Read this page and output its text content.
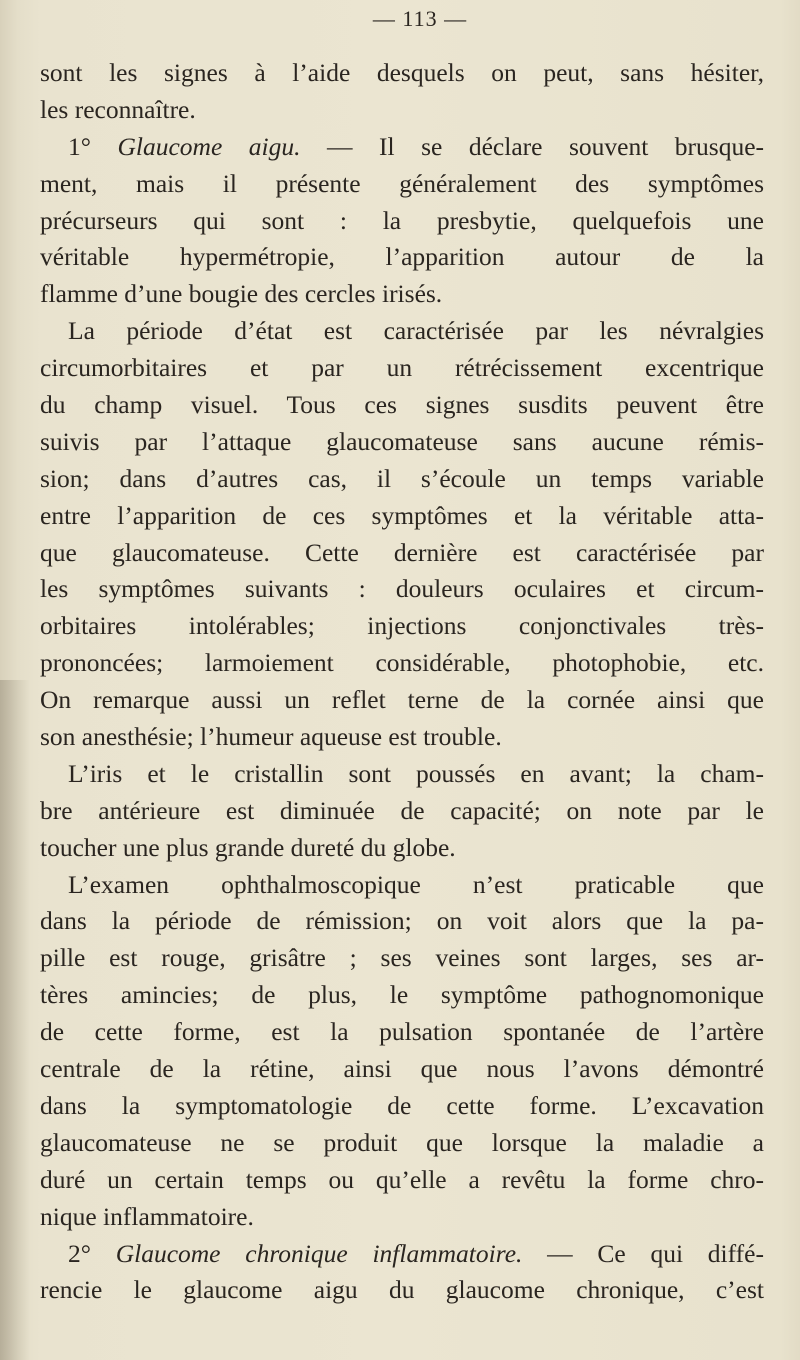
— 113 —
sont les signes à l’aide desquels on peut, sans hésiter,
les reconnaître.
1° Glaucome aigu. — Il se déclare souvent brusque-
ment, mais il présente généralement des symptômes
précurseurs qui sont : la presbytie, quelquefois une
véritable hypermétropie, l’apparition autour de la
flamme d’une bougie des cercles irisés.
La période d’état est caractérisée par les névralgies
circumorbitaires et par un rétrécissement excentrique
du champ visuel. Tous ces signes susdits peuvent être
suivis par l’attaque glaucomateuse sans aucune rémis-
sion; dans d’autres cas, il s’écoule un temps variable
entre l’apparition de ces symptômes et la véritable atta-
que glaucomateuse. Cette dernière est caractérisée par
les symptômes suivants : douleurs oculaires et circum-
orbitaires intolérables; injections conjonctivales très-
prononcées; larmoiement considérable, photophobie, etc.
On remarque aussi un reflet terne de la cornée ainsi que
son anesthésie; l’humeur aqueuse est trouble.
L’iris et le cristallin sont poussés en avant; la cham-
bre antérieure est diminuée de capacité; on note par le
toucher une plus grande dureté du globe.
L’examen ophthalmoscopique n’est praticable que
dans la période de rémission; on voit alors que la pa-
pille est rouge, grisâtre ; ses veines sont larges, ses ar-
tères amincies; de plus, le symptôme pathognomonique
de cette forme, est la pulsation spontanée de l’artère
centrale de la rétine, ainsi que nous l’avons démontré
dans la symptomatologie de cette forme. L’excavation
glaucomateuse ne se produit que lorsque la maladie a
duré un certain temps ou qu’elle a revêtu la forme chro-
nique inflammatoire.
2° Glaucome chronique inflammatoire. — Ce qui diffé-
rencie le glaucome aigu du glaucome chronique, c’est
